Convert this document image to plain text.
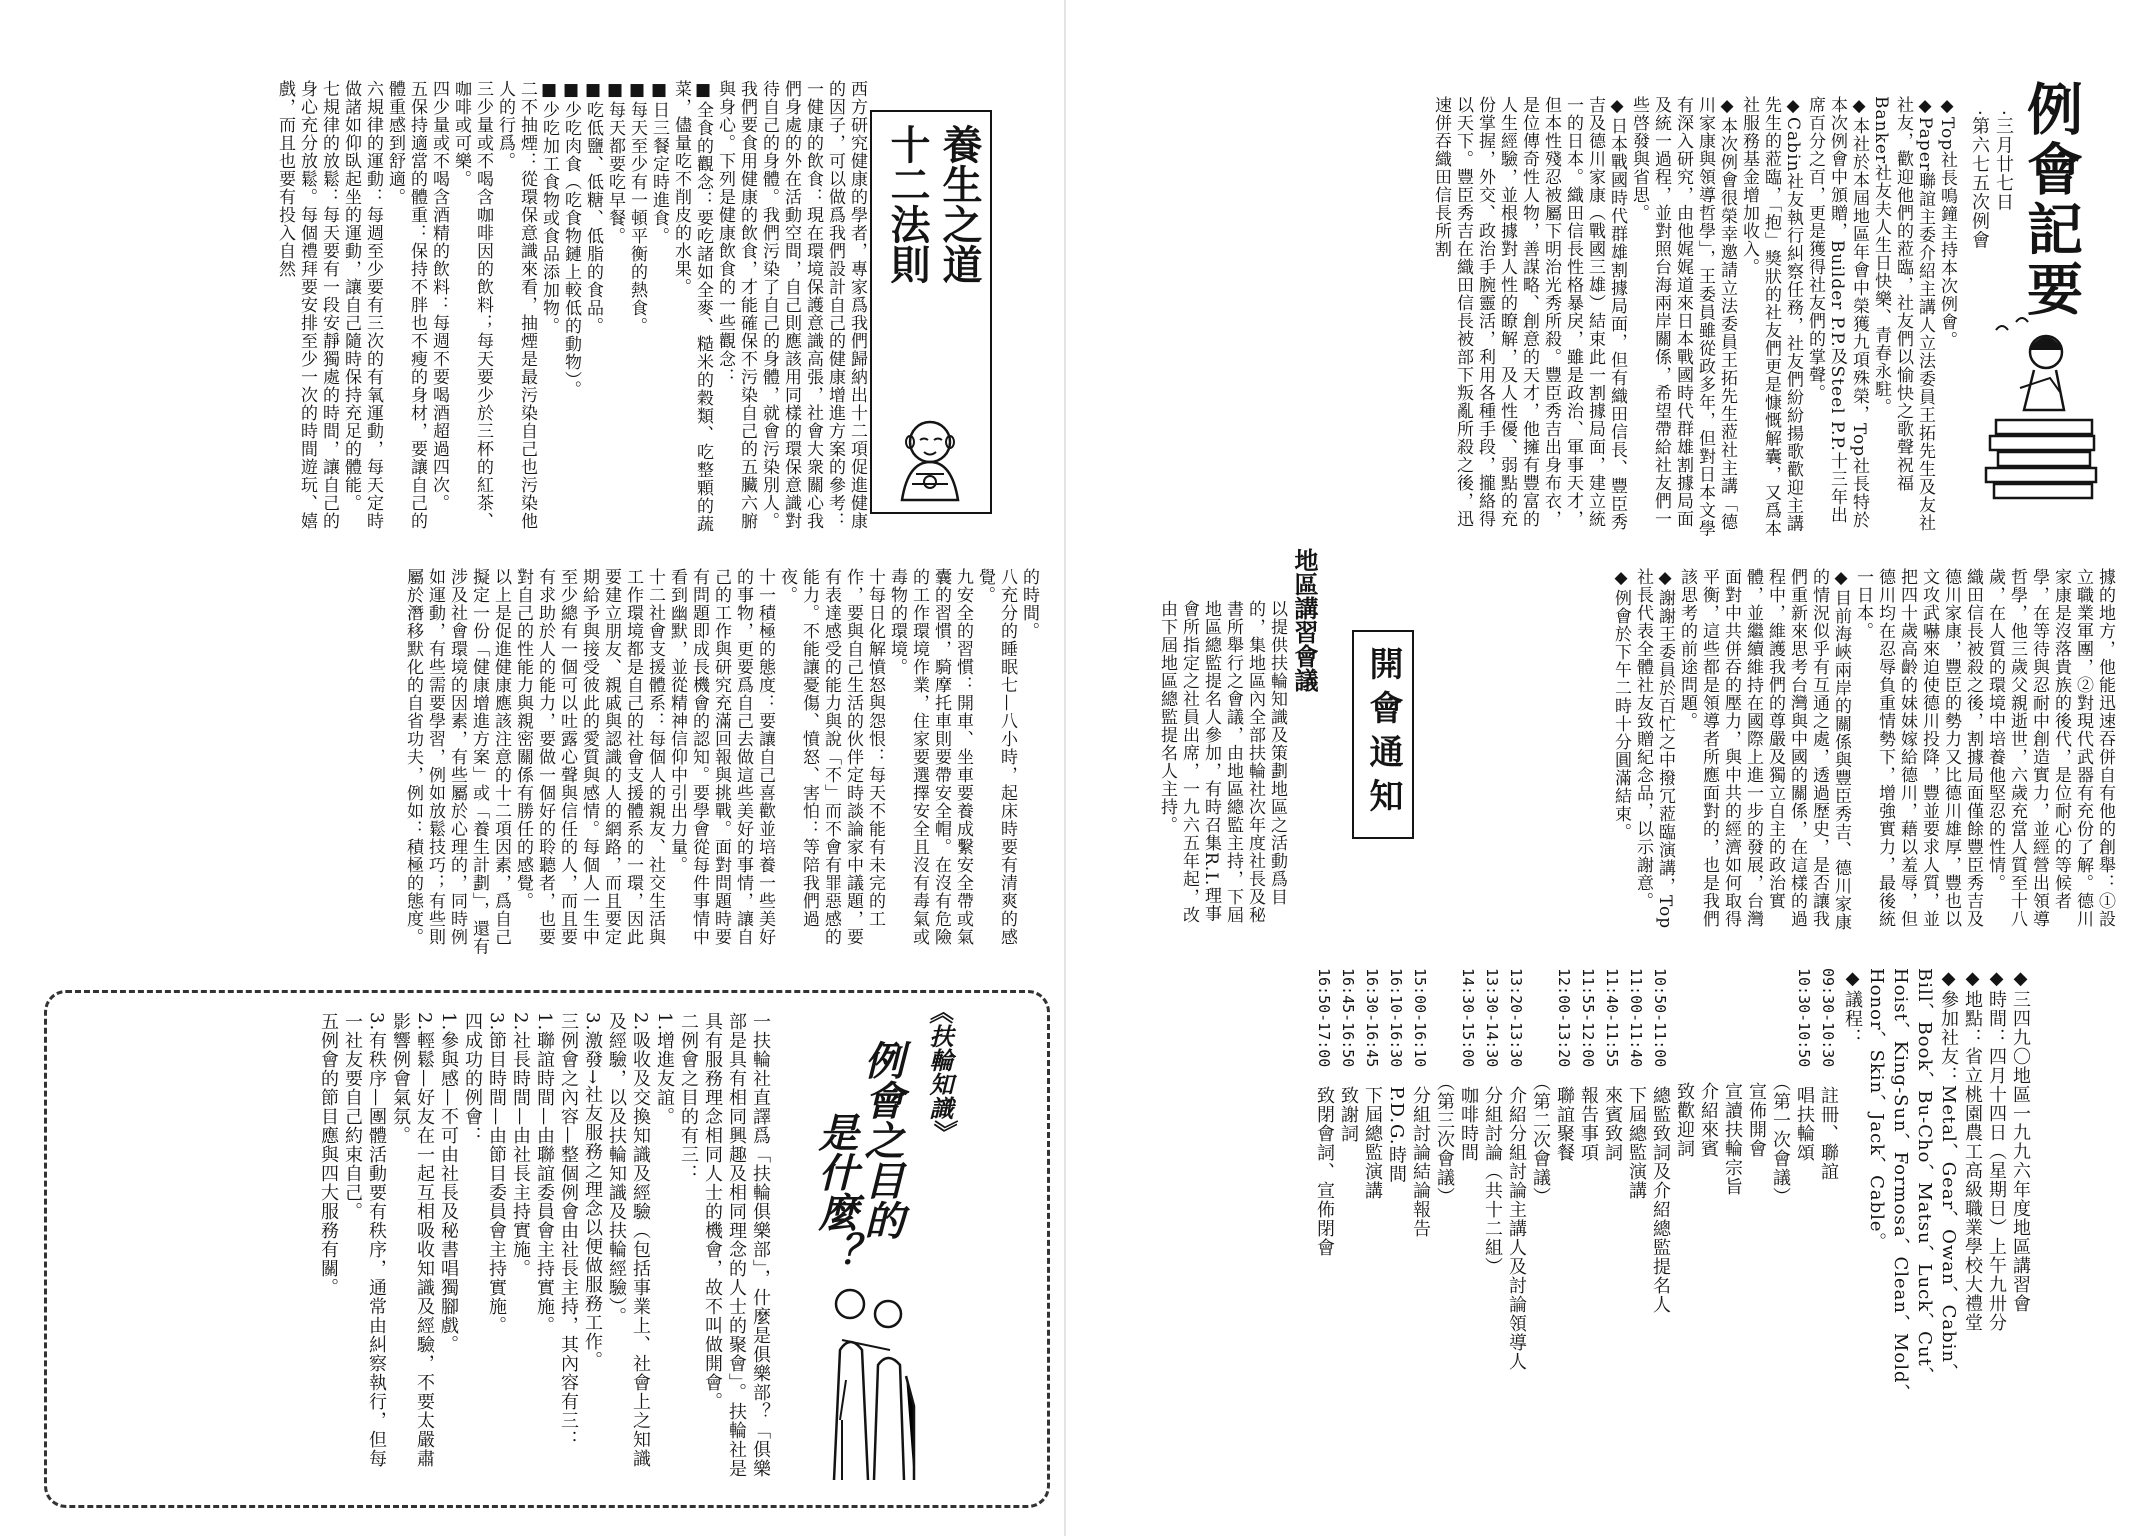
養生之道
十二法則

西方研究健康的學者，專家爲我們歸納出十二項促進健康的因子，可以做爲我們設計自己的健康增進方案的參考：

一健康的飲食：現在環境保護意識高張，社會大衆關心我們身處的外在活動空間，自己則應該用同樣的環保意識對待自己的身體。我們污染了自己的身體，就會污染別人。我們要食用健康的飲食，才能確保不污染自己的五臟六腑與身心。下列是健康飲食的一些觀念：

■全食的觀念：要吃諸如全麥、糙米的穀類、吃整顆的蔬菜，儘量吃不削皮的水果。

■日三餐定時進食。

■每天至少有一頓平衡的熱食。

■每天都要吃早餐。

■吃低鹽、低糖、低脂的食品。

■少吃肉食（吃食物鏈上較低的動物）。

■少吃加工食物或食品添加物。

二不抽煙：從環保意識來看，抽煙是最污染自己也污染他人的行爲。

三少量或不喝含咖啡因的飲料；每天要少於三杯的紅茶、咖啡或可樂。

四少量或不喝含酒精的飲料：每週不要喝酒超過四次。

五保持適當的體重：保持不胖也不瘦的身材，要讓自己的體重感到舒適。

六規律的運動：每週至少要有三次的有氧運動，每天定時做諸如仰臥起坐的運動，讓自己隨時保持充足的體能。

七規律的放鬆：每天要有一段安靜獨處的時間，讓自己的身心充分放鬆。每個禮拜要安排至少一次的時間遊玩、嬉戲，而且也要有投入自然

的時間。

八充分的睡眠七—八小時，起床時要有清爽的感覺。

九安全的習慣：開車、坐車要養成繫安全帶或氣囊的習慣，騎摩托車則要帶安全帽。在沒有危險的工作環境作業，住家要選擇安全且沒有毒氣或毒物的環境。

十每日化解憤怒與怨恨：每天不能有未完的工作，要與自己生活的伙伴定時談論家中議題，要有表達感受的能力與說「不」而不會有罪惡感的能力。不能讓憂傷、憤怒、害怕：等陪我們過夜。

十一積極的態度：要讓自己喜歡並培養一些美好的事物，更要爲自己去做這些美好的事情，讓自己的工作與研究充滿回報與挑戰。面對問題時要有問題即成長機會的認知。要學會從每件事情中看到幽默，並從精神信仰中引出力量。

十二社會支援體系：每個人的親友、社交生活與工作環境都是自己的社會支援體系的一環，因此要建立朋友、親戚與認識的人的網路，而且要定期給予與接受彼此的愛質與感情。每個人一生中至少總有一個可以吐露心聲與信任的人，而且要有求助於人的能力，要做一個好的聆聽者，也要對自己的性能力與親密關係有勝任的感覺。

以上是促進健康應該注意的十二項因素，爲自己擬定一份「健康增進方案」或「養生計劃」，還有涉及社會環境的因素，有些屬於心理的，同時例如運動，有些需要學習，例如放鬆技巧；有些則屬於潛移默化的自省功夫，例如：積極的態度。

《扶輪知識》
例會之目的
是什麼？

一扶輪社直譯爲「扶輪俱樂部」，什麼是俱樂部？「俱樂部是具有相同興趣及相同理念的人士的聚會」。扶輪社是具有服務理念相同人士的機會，故不叫做開會。

二例會之目的有三：

1.增進友誼。

2.吸收及交換知識及經驗（包括事業上、社會上之知識及經驗，以及扶輪知識及扶輪經驗）。

3.激發→社友服務之理念以便做服務工作。

三例會之內容—整個例會由社長主持，其內容有三：

1.聯誼時間—由聯誼委員會主持實施。

2.社長時間—由社長主持實施。

3.節目時間—由節目委員會主持實施。

四成功的例會：

1.參與感—不可由社長及秘書唱獨腳戲。

2.輕鬆—好友在一起互相吸收知識及經驗，不要太嚴肅影響例會氣氛。

3.有秩序—團體活動要有秩序，通常由糾察執行，但每一社友要自己約束自己。

五例會的節目應與四大服務有關。

例會記要
·三月廿七日
·第六七五次例會

◆Top社長鳴鐘主持本次例會。

◆Paper聯誼主委介紹主講人立法委員王拓先生及友社社友，歡迎他們的蒞臨，社友們以愉快之歌聲祝福Banker社友夫人生日快樂、青春永駐。

◆本社於本屆地區年會中榮獲九項殊榮，Top社長特於本次例會中頒贈，Builder P.P.及Steel P.P.十三年出席百分之百，更是獲得社友們的掌聲。

◆Cabin社友執行糾察任務，社友們紛紛揚歌歡迎主講先生的蒞臨，「抱」獎狀的社友們更是慷慨解囊，又爲本社服務基金增加收入。

◆本次例會很榮幸邀請立法委員王拓先生蒞社主講「德川家康與領導哲學」，王委員雖從政多年，但對日本文學有深入研究，由他娓娓道來日本戰國時代群雄割據局面及統一過程，並對照台海兩岸關係，希望帶給社友們一些啓發與省思。

◆日本戰國時代群雄割據局面，但有織田信長、豐臣秀吉及德川家康（戰國三雄）結束此一割據局面，建立統一的日本。織田信長性格暴戾，雖是政治、軍事天才，但本性殘忍被屬下明治光秀所殺。豐臣秀吉出身布衣，是位傳奇性人物，善謀略、創意的天才，他擁有豐富的人生經驗，並根據對人性的瞭解，及人性優、弱點的充份掌握，外交、政治手腕靈活，利用各種手段，攏絡得以天下。豐臣秀吉在織田信長被部下叛亂所殺之後，迅速併吞織田信長所割

據的地方，他能迅速吞併自有他的創舉：①設立職業軍團，②對現代武器有充份了解。德川家康是沒落貴族的後代，是位耐心的等候者學，在等待與忍耐中創造實力，並經營出領導哲學，他三歲父親逝世，六歲充當人質至十八歲，在人質的環境中培養他堅忍的性情。

織田信長被殺之後，割據局面僅餘豐臣秀吉及德川家康，豐臣的勢力又比德川雄厚，豐也以文攻武嚇來迫使德川投降，豐並要求人質，並把四十歲高齡的妹妹嫁給德川，藉以羞辱，但德川均在忍辱負重情勢下，增強實力，最後統一日本。

◆目前海峽兩岸的關係與豐臣秀吉、德川家康的情況似乎有互通之處，透過歷史，是否讓我們重新來思考台灣與中國的關係，在這樣的過程中，維護我們的尊嚴及獨立自主的政治實體，並繼續維持在國際上進一步的發展，台灣面對中共併吞的壓力，與中共的經濟如何取得平衡，這些都是領導者所應面對的，也是我們該思考的前途問題。

◆謝謝王委員於百忙之中撥冗蒞臨演講，Top社長代表全體社友致贈紀念品，以示謝意。

◆例會於下午二時十分圓滿結束。

開會通知
地區講習會議
以提供扶輪知識及策劃地區之活動爲目的，集地區內全部扶輪社次年度社長及秘書所舉行之會議，由地區總監主持，下屆地區總監提名人參加，有時召集R.I.理事會所指定之社員出席，一九六五年起，改由下屆地區總監提名人主持。

◆三四九〇地區一九九六年度地區講習會

◆時間：四月十四日（星期日）上午九卅分

◆地點：省立桃園農工高級職業學校大禮堂

◆參加社友：Metal、Gear、Owan、Cabin、Bill、Book、Bu-Cho、Matsu、Luck、Cut、Hoist、King-Sun、Formosa、Clean、Mold、Honor、Skin、Jack、Cable。

◆議程：

09:30-10:30　註冊、聯誼

10:30-10:50　唱扶輪頌

　　　　　　（第一次會議）

　　　　　　宣佈開會

　　　　　　宣讀扶輪宗旨

　　　　　　介紹來賓

　　　　　　致歡迎詞

10:50-11:00　總監致詞及介紹總監提名人

11:00-11:40　下屆總監演講

11:40-11:55　來賓致詞

11:55-12:00　報告事項

12:00-13:20　聯誼聚餐

　　　　　　（第二次會議）

13:20-13:30　介紹分組討論主講人及討論領導人

13:30-14:30　分組討論（共十二組）

14:30-15:00　咖啡時間

　　　　　　（第三次會議）

15:00-16:10　分組討論結論報告

16:10-16:30　P.D.G.時間

16:30-16:45　下屆總監演講

16:45-16:50　致謝詞

16:50-17:00　致閉會詞、宣佈閉會
